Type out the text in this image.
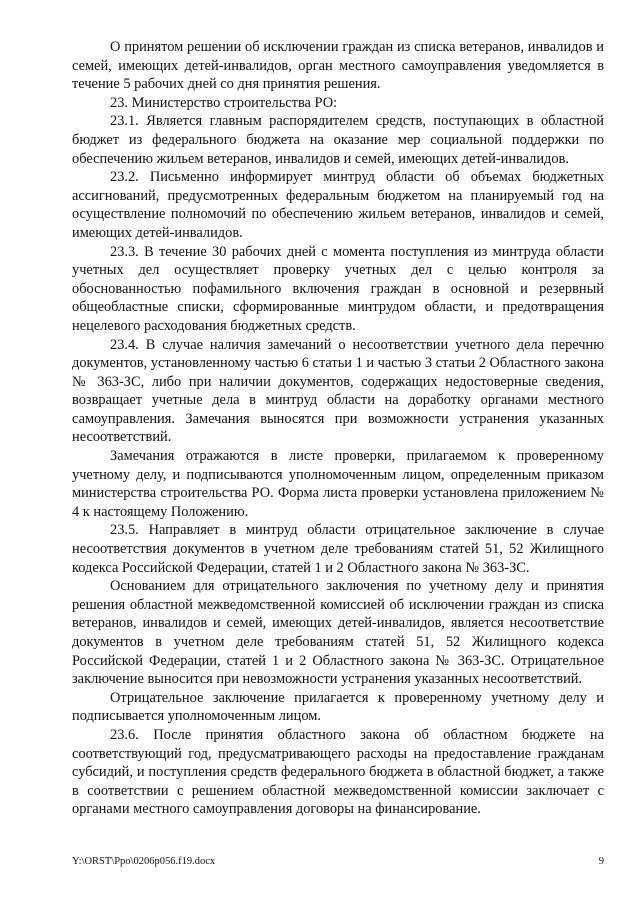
О принятом решении об исключении граждан из списка ветеранов, инвалидов и семей, имеющих детей-инвалидов, орган местного самоуправления уведомляется в течение 5 рабочих дней со дня принятия решения.

23. Министерство строительства РО:

23.1. Является главным распорядителем средств, поступающих в областной бюджет из федерального бюджета на оказание мер социальной поддержки по обеспечению жильем ветеранов, инвалидов и семей, имеющих детей-инвалидов.

23.2. Письменно информирует минтруд области об объемах бюджетных ассигнований, предусмотренных федеральным бюджетом на планируемый год на осуществление полномочий по обеспечению жильем ветеранов, инвалидов и семей, имеющих детей-инвалидов.

23.3. В течение 30 рабочих дней с момента поступления из минтруда области учетных дел осуществляет проверку учетных дел с целью контроля за обоснованностью пофамильного включения граждан в основной и резервный общеобластные списки, сформированные минтрудом области, и предотвращения нецелевого расходования бюджетных средств.

23.4. В случае наличия замечаний о несоответствии учетного дела перечню документов, установленному частью 6 статьи 1 и частью 3 статьи 2 Областного закона № 363-ЗС, либо при наличии документов, содержащих недостоверные сведения, возвращает учетные дела в минтруд области на доработку органами местного самоуправления. Замечания выносятся при возможности устранения указанных несоответствий.

Замечания отражаются в листе проверки, прилагаемом к проверенному учетному делу, и подписываются уполномоченным лицом, определенным приказом министерства строительства РО. Форма листа проверки установлена приложением № 4 к настоящему Положению.

23.5. Направляет в минтруд области отрицательное заключение в случае несоответствия документов в учетном деле требованиям статей 51, 52 Жилищного кодекса Российской Федерации, статей 1 и 2 Областного закона № 363-ЗС.

Основанием для отрицательного заключения по учетному делу и принятия решения областной межведомственной комиссией об исключении граждан из списка ветеранов, инвалидов и семей, имеющих детей-инвалидов, является несоответствие документов в учетном деле требованиям статей 51, 52 Жилищного кодекса Российской Федерации, статей 1 и 2 Областного закона № 363-ЗС. Отрицательное заключение выносится при невозможности устранения указанных несоответствий.

Отрицательное заключение прилагается к проверенному учетному делу и подписывается уполномоченным лицом.

23.6. После принятия областного закона об областном бюджете на соответствующий год, предусматривающего расходы на предоставление гражданам субсидий, и поступления средств федерального бюджета в областной бюджет, а также в соответствии с решением областной межведомственной комиссии заключает с органами местного самоуправления договоры на финансирование.

Y:\ORST\Ppo\0206p056.f19.docx	9
